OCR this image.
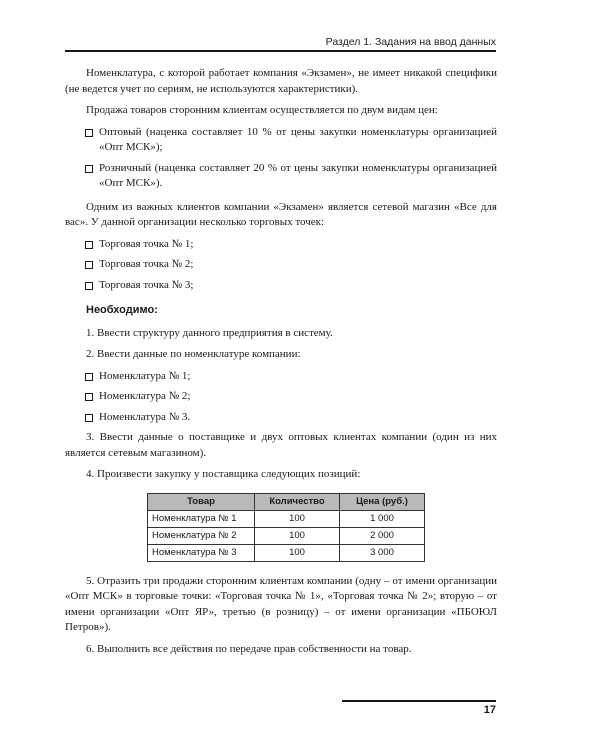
Раздел 1. Задания на ввод данных

Номенклатура, с которой работает компания «Экзамен», не имеет никакой специфики (не ведется учет по сериям, не используются характеристики).

Продажа товаров сторонним клиентам осуществляется по двум видам цен:

Оптовый (наценка составляет 10 % от цены закупки номенклатуры организацией «Опт МСК»);
Розничный (наценка составляет 20 % от цены закупки номенклатуры организацией «Опт МСК»).

Одним из важных клиентов компании «Экзамен» является сетевой магазин «Все для вас». У данной организации несколько торговых точек:

Торговая точка № 1;
Торговая точка № 2;
Торговая точка № 3;
Необходимо:

1. Ввести структуру данного предприятия в систему.

2. Ввести данные по номенклатуре компании:

Номенклатура № 1;
Номенклатура № 2;
Номенклатура № 3.

3. Ввести данные о поставщике и двух оптовых клиентах компании (один из них является сетевым магазином).

4. Произвести закупку у поставщика следующих позиций:

Товар	Количество	Цена (руб.)
Номенклатура № 1	100	1 000
Номенклатура № 2	100	2 000
Номенклатура № 3	100	3 000

5. Отразить три продажи сторонним клиентам компании (одну – от имени организации «Опт МСК» в торговые точки: «Торговая точка № 1», «Торговая точка № 2»; вторую – от имени организации «Опт ЯР», третью (в розницу) – от имени организации «ПБОЮЛ Петров»).

6. Выполнить все действия по передаче прав собственности на товар.

17
